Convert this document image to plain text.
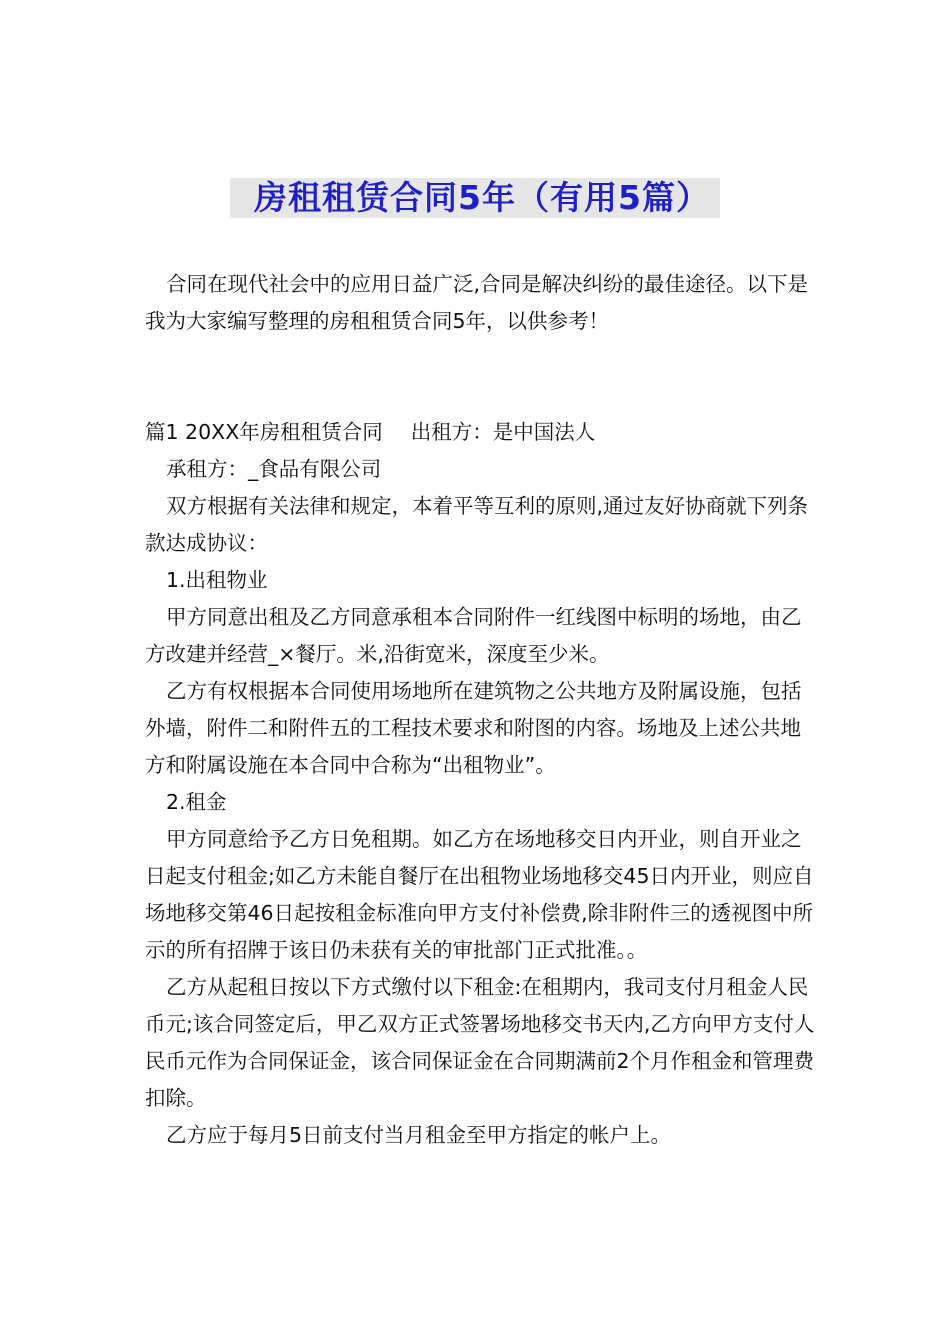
房租租赁合同5年（有用5篇）

合同在现代社会中的应用日益广泛,合同是解决纠纷的最佳途径。以下是我为大家编写整理的房租租赁合同5年，以供参考！

篇1 20XX年房租租赁合同 出租方：是中国法人

承租方：_食品有限公司

双方根据有关法律和规定，本着平等互利的原则,通过友好协商就下列条款达成协议：

1.出租物业

甲方同意出租及乙方同意承租本合同附件一红线图中标明的场地，由乙方改建并经营_×餐厅。米,沿街宽米，深度至少米。

乙方有权根据本合同使用场地所在建筑物之公共地方及附属设施，包括外墙，附件二和附件五的工程技术要求和附图的内容。场地及上述公共地方和附属设施在本合同中合称为“出租物业”。

2.租金

甲方同意给予乙方日免租期。如乙方在场地移交日内开业，则自开业之日起支付租金;如乙方未能自餐厅在出租物业场地移交45日内开业，则应自场地移交第46日起按租金标准向甲方支付补偿费,除非附件三的透视图中所示的所有招牌于该日仍未获有关的审批部门正式批准。。

乙方从起租日按以下方式缴付以下租金:在租期内，我司支付月租金人民币元;该合同签定后，甲乙双方正式签署场地移交书天内,乙方向甲方支付人民币元作为合同保证金，该合同保证金在合同期满前2个月作租金和管理费扣除。

乙方应于每月5日前支付当月租金至甲方指定的帐户上。
